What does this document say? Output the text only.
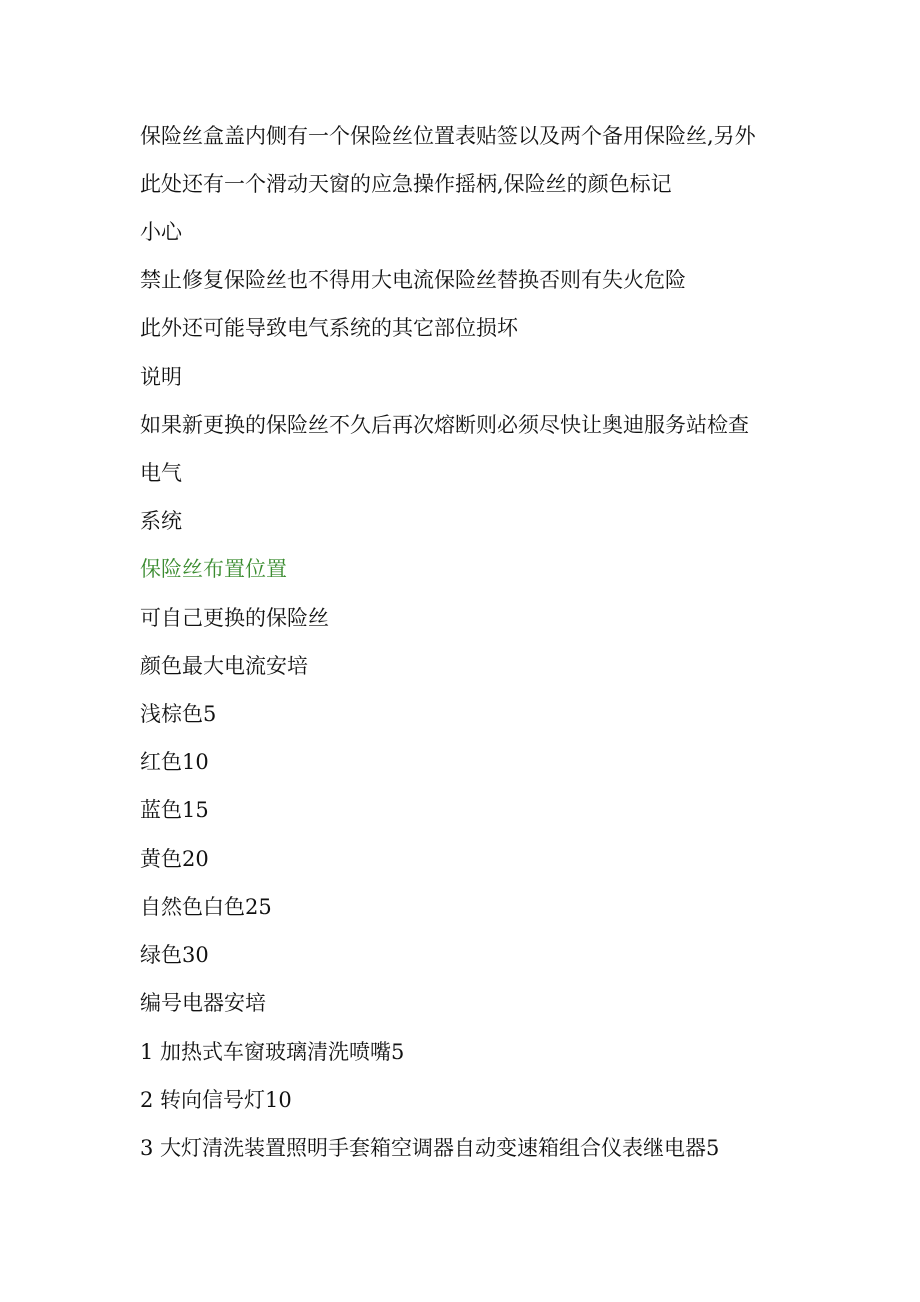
保险丝盒盖内侧有一个保险丝位置表贴签以及两个备用保险丝,另外

此处还有一个滑动天窗的应急操作摇柄,保险丝的颜色标记

小心

禁止修复保险丝也不得用大电流保险丝替换否则有失火危险

此外还可能导致电气系统的其它部位损坏

说明

如果新更换的保险丝不久后再次熔断则必须尽快让奥迪服务站检查

电气

系统

保险丝布置位置

可自己更换的保险丝

颜色最大电流安培

浅棕色5

红色10

蓝色15

黄色20

自然色白色25

绿色30

编号电器安培

1 加热式车窗玻璃清洗喷嘴5

2 转向信号灯10

3 大灯清洗装置照明手套箱空调器自动变速箱组合仪表继电器5
